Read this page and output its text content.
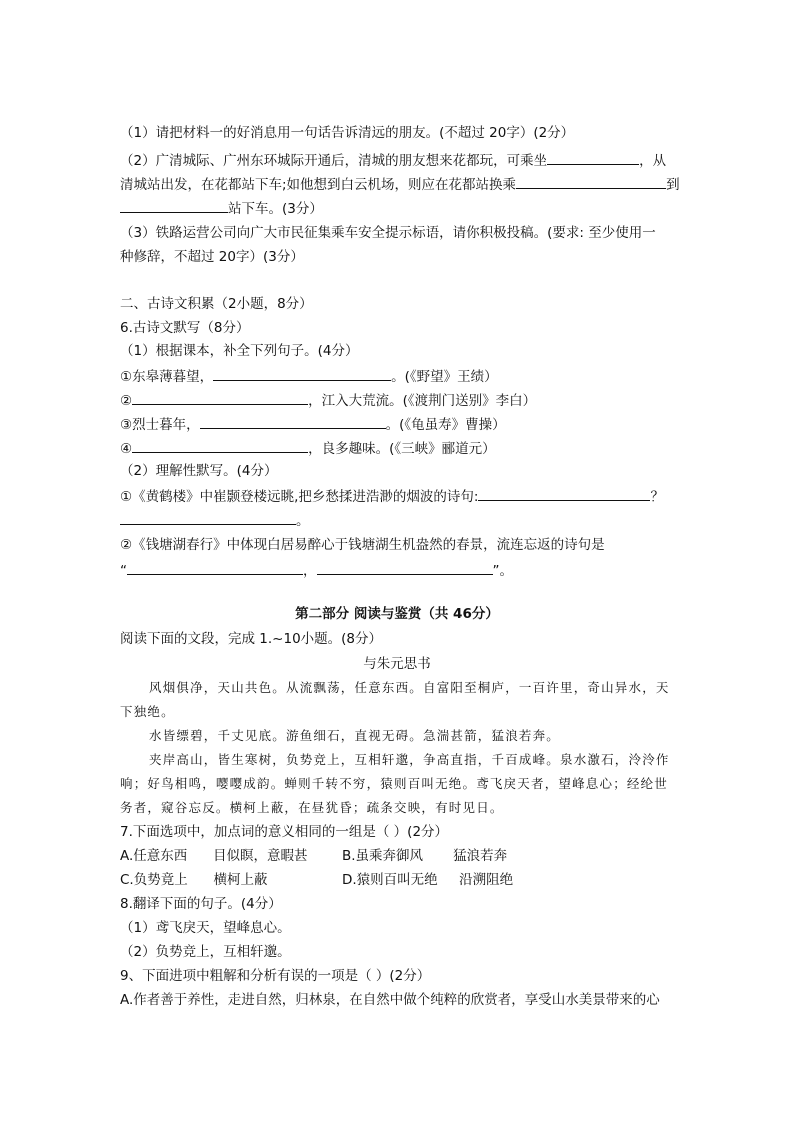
（1）请把材料一的好消息用一句话告诉清远的朋友。(不超过 20字）(2分）
（2）广清城际、广州东环城际开通后，清城的朋友想来花都玩，可乘坐	，从
清城站出发，在花都站下车;如他想到白云机场，则应在花都站换乘	到
站下车。(3分）
（3）铁路运营公司向广大市民征集乘车安全提示标语，请你积极投稿。(要求: 至少使用一
种修辞，不超过 20字）(3分）
二、古诗文积累（2小题，8分）
6.古诗文默写（8分）
（1）根据课本，补全下列句子。(4分）
①东皋薄暮望，	。(《野望》王绩）
②	，江入大荒流。(《渡荆门送别》李白）
③烈士暮年，	。(《龟虽寿》曹操）
④	，良多趣味。(《三峡》郦道元）
（2）理解性默写。(4分）
①《黄鹤楼》中崔颢登楼远眺,把乡愁揉进浩渺的烟波的诗句:	？
。
②《钱塘湖春行》中体现白居易醉心于钱塘湖生机盎然的春景，流连忘返的诗句是
“	，	”。
第二部分 阅读与鉴赏（共 46分）
阅读下面的文段，完成 1.~10小题。(8分）
与朱元思书
风烟俱净，天山共色。从流飘荡，任意东西。自富阳至桐庐，一百许里，奇山异水，天
下独绝。
水皆缥碧，千丈见底。游鱼细石，直视无碍。急湍甚箭，猛浪若奔。
夹岸高山，皆生寒树，负势竞上，互相轩邈，争高直指，千百成峰。泉水激石，泠泠作
响；好鸟相鸣，嘤嘤成韵。蝉则千转不穷，猿则百叫无绝。鸢飞戾天者，望峰息心；经纶世
务者，窥谷忘反。横柯上蔽，在昼犹昏；疏条交映，有时见日。
7.下面选项中，加点词的意义相同的一组是（ ）(2分）
A.任意东西      目似瞑，意暇甚	B.虽乘奔御风       猛浪若奔
C.负势竟上      横柯上蔽	D.猿则百叫无绝     沿溯阻绝
8.翻译下面的句子。(4分）
（1）鸢飞戾天，望峰息心。
（2）负势竞上，互相轩邈。
9、下面进项中粗解和分析有误的一项是（ ）(2分）
A.作者善于养性，走进自然，归林泉，在自然中做个纯粹的欣赏者，享受山水美景带来的心
